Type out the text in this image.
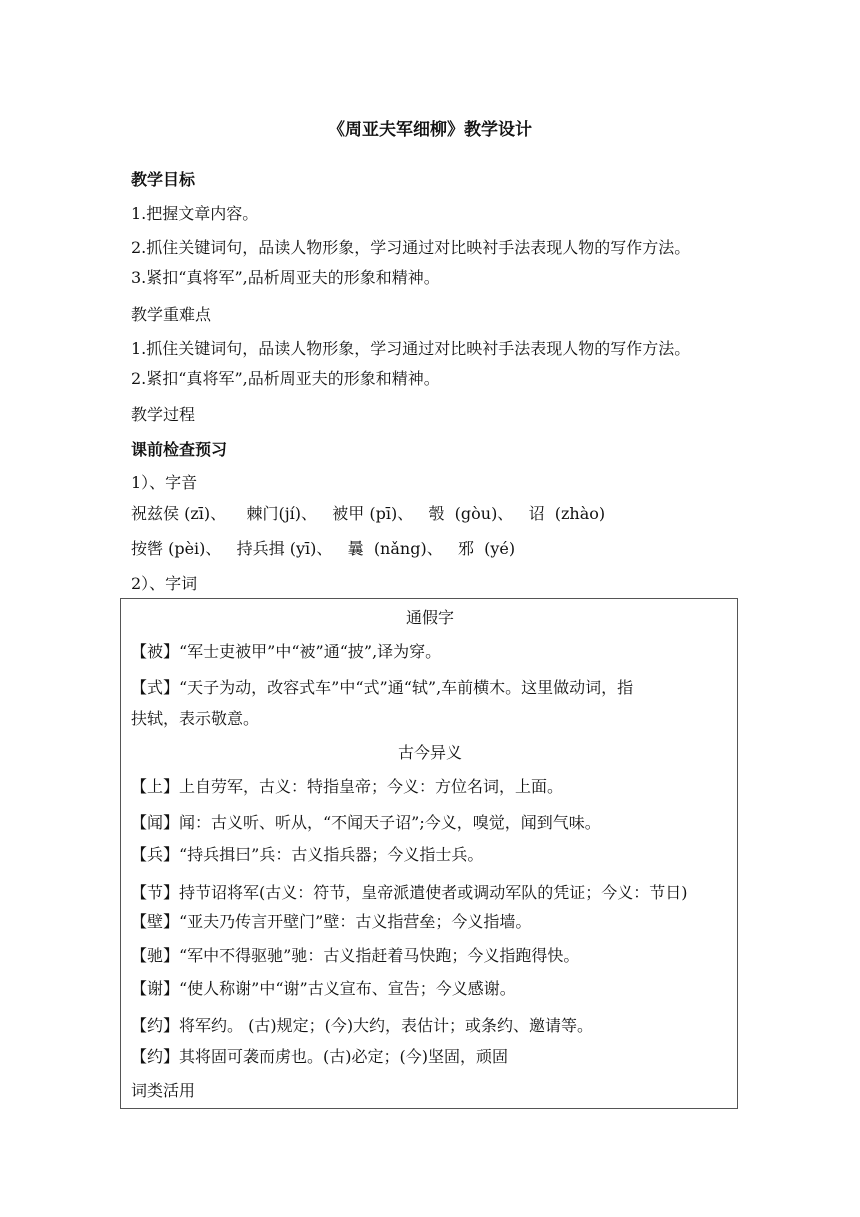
《周亚夫军细柳》教学设计
教学目标
1.把握文章内容。
2.抓住关键词句，品读人物形象，学习通过对比映衬手法表现人物的写作方法。
3.紧扣“真将军”,品析周亚夫的形象和精神。
教学重难点
1.抓住关键词句，品读人物形象，学习通过对比映衬手法表现人物的写作方法。
2.紧扣“真将军”,品析周亚夫的形象和精神。
教学过程
课前检查预习
1）、字音
祝兹侯 (zī)、    棘门(jí)、   被甲 (pī)、   彀  (gòu)、   诏  (zhào)
按辔 (pèi)、   持兵揖 (yī)、   曩  (nǎng)、   邪  (yé)
2）、字词
通假字
【被】“军士吏被甲”中“被”通“披”,译为穿。
【式】“天子为动，改容式车”中“式”通“轼”,车前横木。这里做动词，指
扶轼，表示敬意。
古今异义
【上】上自劳军，古义：特指皇帝；今义：方位名词，上面。
【闻】闻：古义听、听从，“不闻天子诏”;今义，嗅觉，闻到气味。
【兵】“持兵揖曰”兵：古义指兵器；今义指士兵。
【节】持节诏将军(古义：符节，皇帝派遣使者或调动军队的凭证；今义：节日)
【壁】“亚夫乃传言开壁门”壁：古义指营垒；今义指墙。
【驰】“军中不得驱驰”驰：古义指赶着马快跑；今义指跑得快。
【谢】“使人称谢”中“谢”古义宣布、宣告；今义感谢。
【约】将军约。 (古)规定；(今)大约，表估计；或条约、邀请等。
【约】其将固可袭而虏也。(古)必定；(今)坚固，顽固
词类活用
